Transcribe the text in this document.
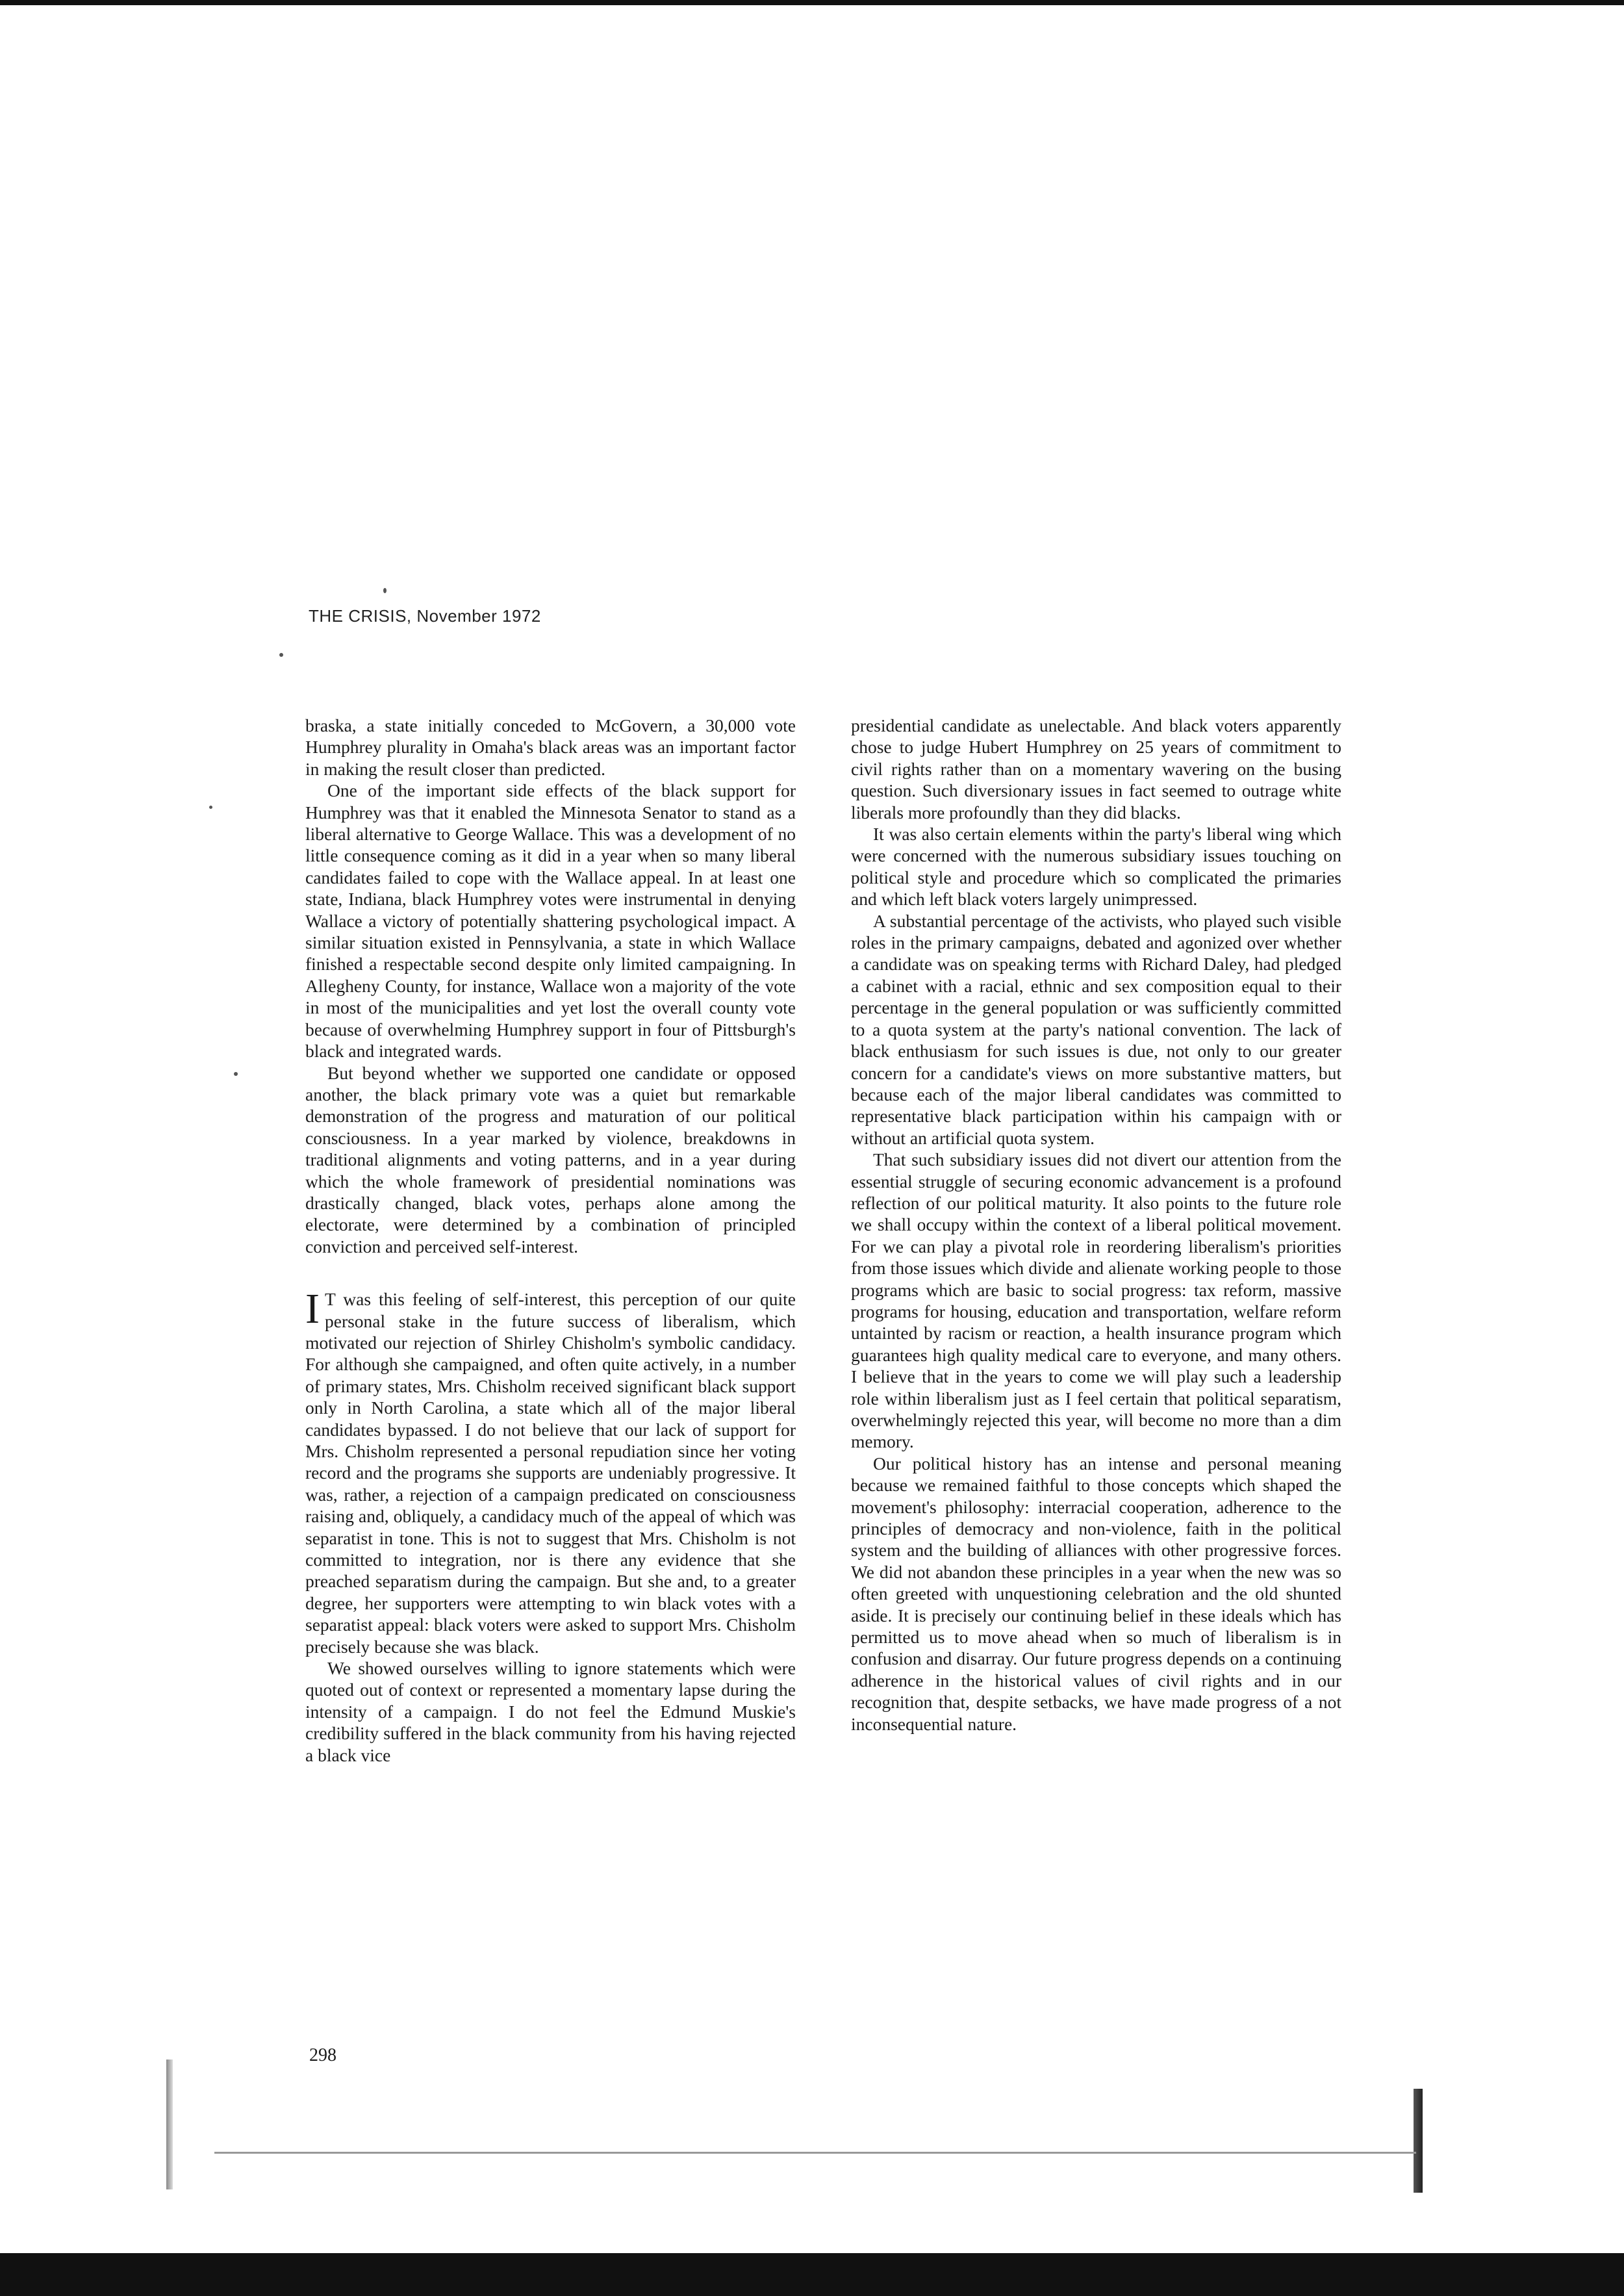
THE CRISIS, November 1972

braska, a state initially conceded to McGovern, a 30,000 vote Humphrey plurality in Omaha's black areas was an important factor in making the result closer than predicted.

One of the important side effects of the black support for Humphrey was that it enabled the Minnesota Senator to stand as a liberal alternative to George Wallace. This was a development of no little consequence coming as it did in a year when so many liberal candidates failed to cope with the Wallace appeal. In at least one state, Indiana, black Humphrey votes were instrumental in denying Wallace a victory of potentially shattering psychological impact. A similar situation existed in Pennsylvania, a state in which Wallace finished a respectable second despite only limited campaigning. In Allegheny County, for instance, Wallace won a majority of the vote in most of the municipalities and yet lost the overall county vote because of overwhelming Humphrey support in four of Pittsburgh's black and integrated wards.

But beyond whether we supported one candidate or opposed another, the black primary vote was a quiet but remarkable demonstration of the progress and maturation of our political consciousness. In a year marked by violence, breakdowns in traditional alignments and voting patterns, and in a year during which the whole framework of presidential nominations was drastically changed, black votes, perhaps alone among the electorate, were determined by a combination of principled conviction and perceived self-interest.

I T was this feeling of self-interest, this perception of our quite personal stake in the future success of liberalism, which motivated our rejection of Shirley Chisholm's symbolic candidacy. For although she campaigned, and often quite actively, in a number of primary states, Mrs. Chisholm received significant black support only in North Carolina, a state which all of the major liberal candidates bypassed. I do not believe that our lack of support for Mrs. Chisholm represented a personal repudiation since her voting record and the programs she supports are undeniably progressive. It was, rather, a rejection of a campaign predicated on consciousness raising and, obliquely, a candidacy much of the appeal of which was separatist in tone. This is not to suggest that Mrs. Chisholm is not committed to integration, nor is there any evidence that she preached separatism during the campaign. But she and, to a greater degree, her supporters were attempting to win black votes with a separatist appeal: black voters were asked to support Mrs. Chisholm precisely because she was black.

We showed ourselves willing to ignore statements which were quoted out of context or represented a momentary lapse during the intensity of a campaign. I do not feel the Edmund Muskie's credibility suffered in the black community from his having rejected a black vice

presidential candidate as unelectable. And black voters apparently chose to judge Hubert Humphrey on 25 years of commitment to civil rights rather than on a momentary wavering on the busing question. Such diversionary issues in fact seemed to outrage white liberals more profoundly than they did blacks.

It was also certain elements within the party's liberal wing which were concerned with the numerous subsidiary issues touching on political style and procedure which so complicated the primaries and which left black voters largely unimpressed.

A substantial percentage of the activists, who played such visible roles in the primary campaigns, debated and agonized over whether a candidate was on speaking terms with Richard Daley, had pledged a cabinet with a racial, ethnic and sex composition equal to their percentage in the general population or was sufficiently committed to a quota system at the party's national convention. The lack of black enthusiasm for such issues is due, not only to our greater concern for a candidate's views on more substantive matters, but because each of the major liberal candidates was committed to representative black participation within his campaign with or without an artificial quota system.

That such subsidiary issues did not divert our attention from the essential struggle of securing economic advancement is a profound reflection of our political maturity. It also points to the future role we shall occupy within the context of a liberal political movement. For we can play a pivotal role in reordering liberalism's priorities from those issues which divide and alienate working people to those programs which are basic to social progress: tax reform, massive programs for housing, education and transportation, welfare reform untainted by racism or reaction, a health insurance program which guarantees high quality medical care to everyone, and many others. I believe that in the years to come we will play such a leadership role within liberalism just as I feel certain that political separatism, overwhelmingly rejected this year, will become no more than a dim memory.

Our political history has an intense and personal meaning because we remained faithful to those concepts which shaped the movement's philosophy: interracial cooperation, adherence to the principles of democracy and non-violence, faith in the political system and the building of alliances with other progressive forces. We did not abandon these principles in a year when the new was so often greeted with unquestioning celebration and the old shunted aside. It is precisely our continuing belief in these ideals which has permitted us to move ahead when so much of liberalism is in confusion and disarray. Our future progress depends on a continuing adherence in the historical values of civil rights and in our recognition that, despite setbacks, we have made progress of a not inconsequential nature.

298
